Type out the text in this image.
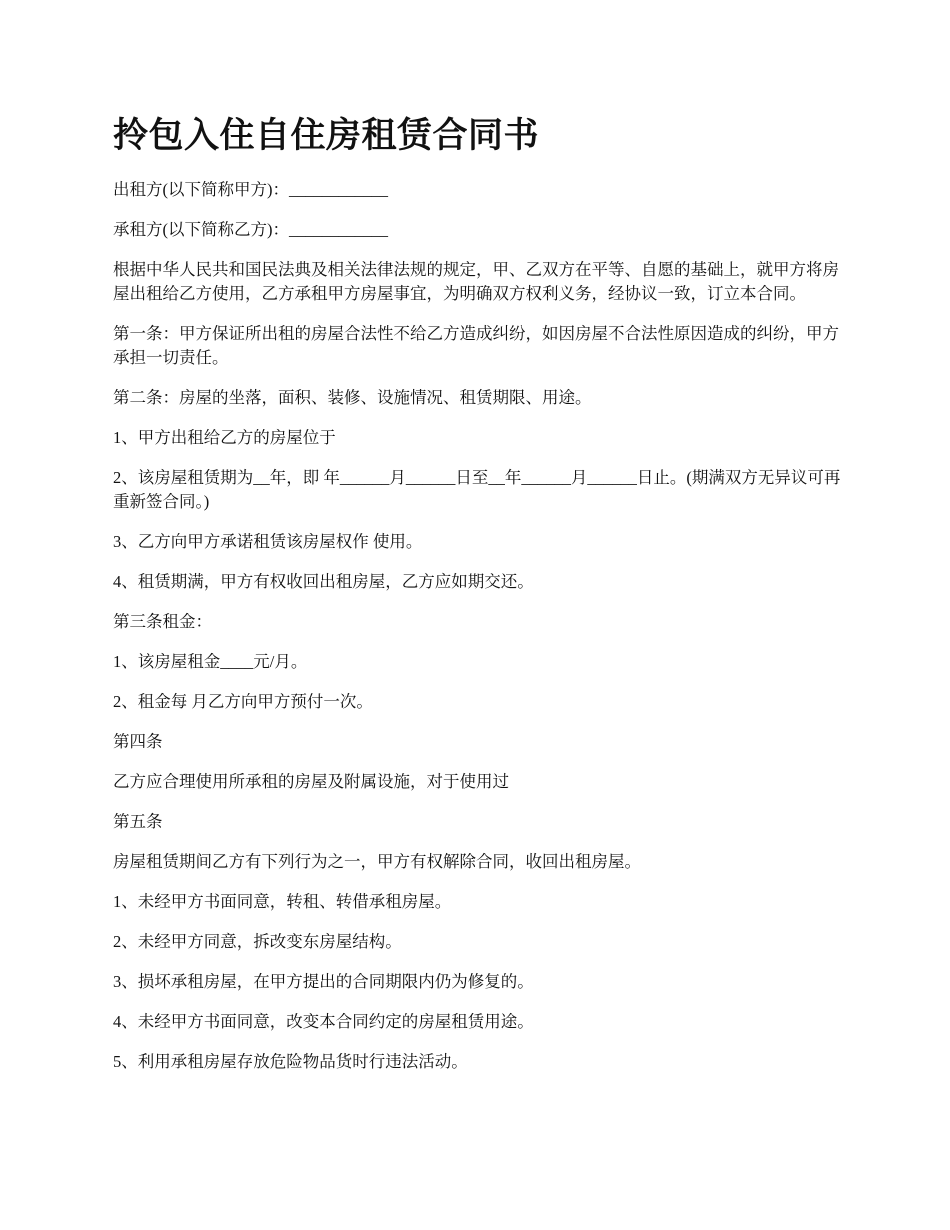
拎包入住自住房租赁合同书

出租方(以下简称甲方)：____________

承租方(以下简称乙方)：____________

根据中华人民共和国民法典及相关法律法规的规定，甲、乙双方在平等、自愿的基础上，就甲方将房屋出租给乙方使用，乙方承租甲方房屋事宜，为明确双方权利义务，经协议一致，订立本合同。

第一条：甲方保证所出租的房屋合法性不给乙方造成纠纷，如因房屋不合法性原因造成的纠纷，甲方承担一切责任。

第二条：房屋的坐落，面积、装修、设施情况、租赁期限、用途。

1、甲方出租给乙方的房屋位于

2、该房屋租赁期为__年，即 年______月______日至__年______月______日止。(期满双方无异议可再重新签合同。)

3、乙方向甲方承诺租赁该房屋权作 使用。

4、租赁期满，甲方有权收回出租房屋，乙方应如期交还。

第三条租金：

1、该房屋租金____元/月。

2、租金每 月乙方向甲方预付一次。

第四条

乙方应合理使用所承租的房屋及附属设施，对于使用过

第五条

房屋租赁期间乙方有下列行为之一，甲方有权解除合同，收回出租房屋。

1、未经甲方书面同意，转租、转借承租房屋。

2、未经甲方同意，拆改变东房屋结构。

3、损坏承租房屋，在甲方提出的合同期限内仍为修复的。

4、未经甲方书面同意，改变本合同约定的房屋租赁用途。

5、利用承租房屋存放危险物品货时行违法活动。
